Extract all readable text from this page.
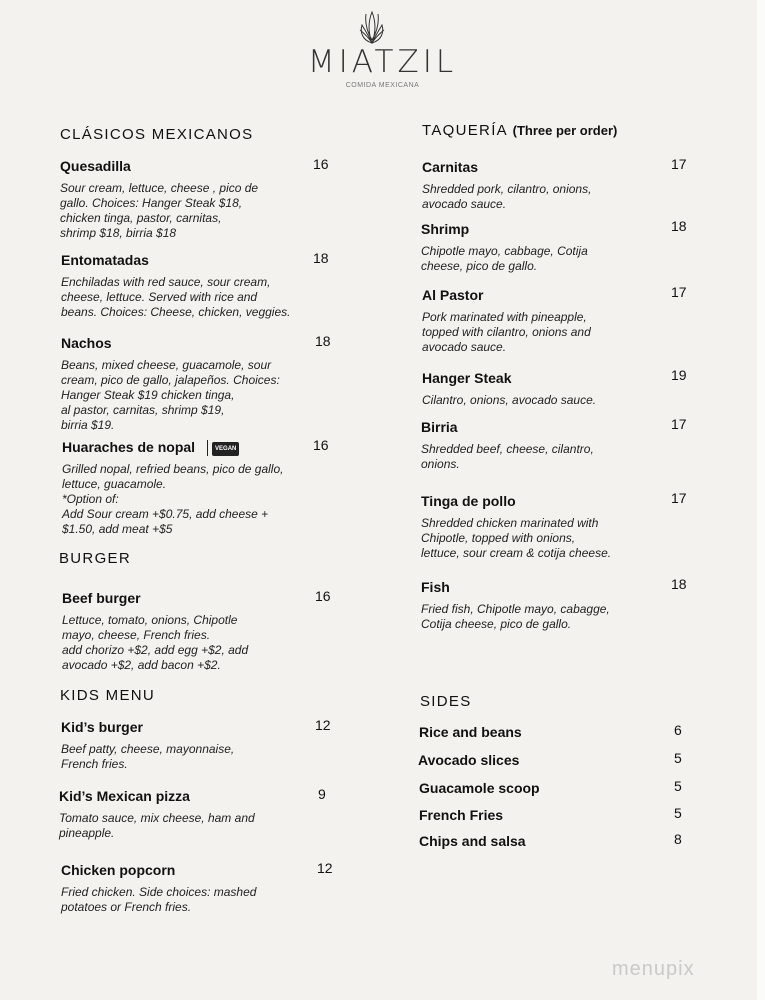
MIATZIL
COMIDA MEXICANA
CLÁSICOS MEXICANOS	TAQUERÍA (Three per order)
BURGER
KIDS MENU	SIDES
Quesadilla
Sour cream, lettuce, cheese , pico de
gallo. Choices: Hanger Steak $18,
chicken tinga, pastor, carnitas,
shrimp $18, birria $18
16
Entomatadas
Enchiladas with red sauce, sour cream,
cheese, lettuce. Served with rice and
beans. Choices: Cheese, chicken, veggies.
18
Nachos
Beans, mixed cheese, guacamole, sour
cream, pico de gallo, jalapeños. Choices:
Hanger Steak $19 chicken tinga,
al pastor, carnitas, shrimp $19,
birria $19.
18
Huaraches de nopal	VEGAN
Grilled nopal, refried beans, pico de gallo,
lettuce, guacamole.
*Option of:
Add Sour cream +$0.75, add cheese +
$1.50, add meat +$5
16
Beef burger
Lettuce, tomato, onions, Chipotle
mayo, cheese, French fries.
add chorizo +$2, add egg +$2, add
avocado +$2, add bacon +$2.
16
Kid’s burger
Beef patty, cheese, mayonnaise,
French fries.
12
Kid’s Mexican pizza
Tomato sauce, mix cheese, ham and
pineapple.
9
Chicken popcorn
Fried chicken. Side choices: mashed
potatoes or French fries.
12
Carnitas
Shredded pork, cilantro, onions,
avocado sauce.
17
Shrimp
Chipotle mayo, cabbage, Cotija
cheese, pico de gallo.
18
Al Pastor
Pork marinated with pineapple,
topped with cilantro, onions and
avocado sauce.
17
Hanger Steak
Cilantro, onions, avocado sauce.
19
Birria
Shredded beef, cheese, cilantro,
onions.
17
Tinga de pollo
Shredded chicken marinated with
Chipotle, topped with onions,
lettuce, sour cream & cotija cheese.
17
Fish
Fried fish, Chipotle mayo, cabagge,
Cotija cheese, pico de gallo.
18
Rice and beans	6
Avocado slices	5
Guacamole scoop	5
French Fries	5
Chips and salsa	8
menupix
